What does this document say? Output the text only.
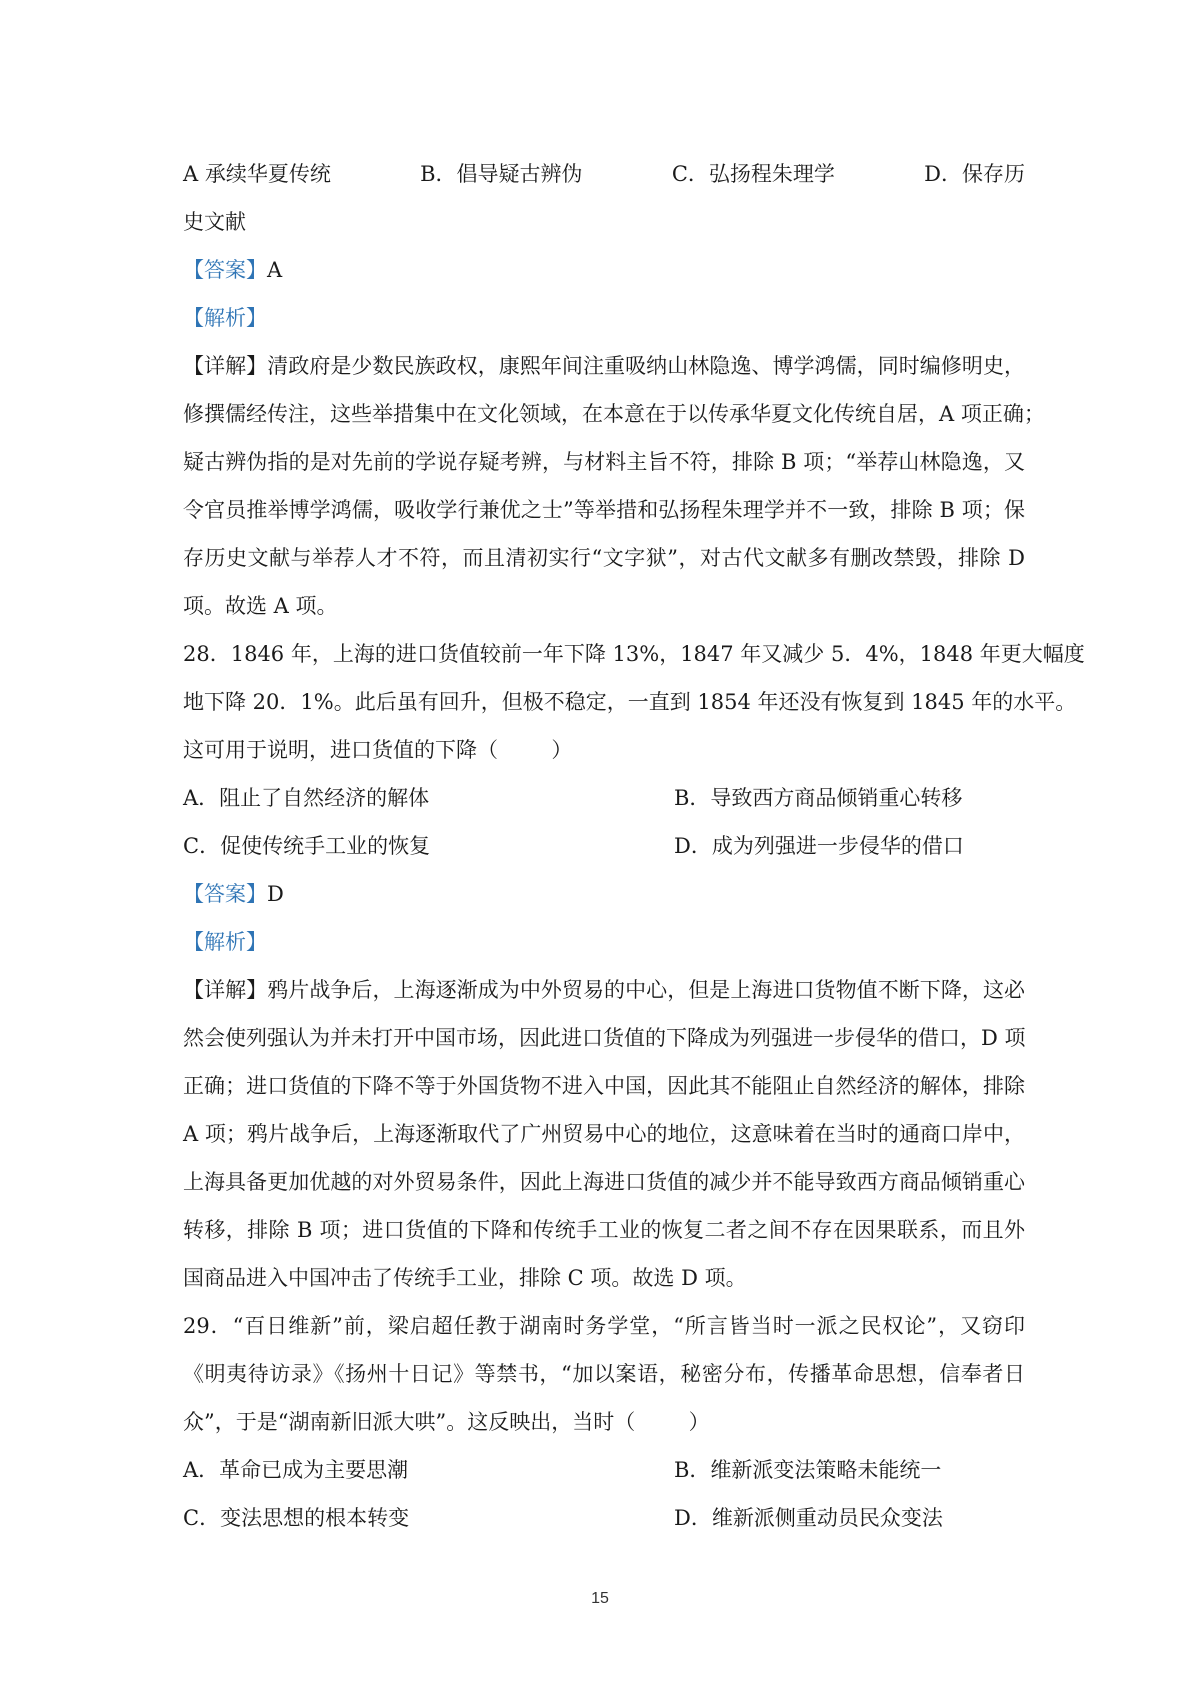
A 承续华夏传统	B．倡导疑古辨伪	C．弘扬程朱理学	D．保存历
史文献
【答案】A
【解析】
【详解】清政府是少数民族政权，康熙年间注重吸纳山林隐逸、博学鸿儒，同时编修明史，
修撰儒经传注，这些举措集中在文化领域，在本意在于以传承华夏文化传统自居，A 项正确；
疑古辨伪指的是对先前的学说存疑考辨，与材料主旨不符，排除 B 项；“举荐山林隐逸，又
令官员推举博学鸿儒，吸收学行兼优之士”等举措和弘扬程朱理学并不一致，排除 B 项；保
存历史文献与举荐人才不符，而且清初实行“文字狱”，对古代文献多有删改禁毁，排除 D
项。故选 A 项。
28．1846 年，上海的进口货值较前一年下降 13%，1847 年又减少 5．4%，1848 年更大幅度
地下降 20．1%。此后虽有回升，但极不稳定，一直到 1854 年还没有恢复到 1845 年的水平。
这可用于说明，进口货值的下降（        ）
A．阻止了自然经济的解体	B．导致西方商品倾销重心转移
C．促使传统手工业的恢复	D．成为列强进一步侵华的借口
【答案】D
【解析】
【详解】鸦片战争后，上海逐渐成为中外贸易的中心，但是上海进口货物值不断下降，这必
然会使列强认为并未打开中国市场，因此进口货值的下降成为列强进一步侵华的借口，D 项
正确；进口货值的下降不等于外国货物不进入中国，因此其不能阻止自然经济的解体，排除
A 项；鸦片战争后，上海逐渐取代了广州贸易中心的地位，这意味着在当时的通商口岸中，
上海具备更加优越的对外贸易条件，因此上海进口货值的减少并不能导致西方商品倾销重心
转移，排除 B 项；进口货值的下降和传统手工业的恢复二者之间不存在因果联系，而且外
国商品进入中国冲击了传统手工业，排除 C 项。故选 D 项。
29．“百日维新”前，梁启超任教于湖南时务学堂，“所言皆当时一派之民权论”，又窃印
《明夷待访录》《扬州十日记》等禁书，“加以案语，秘密分布，传播革命思想，信奉者日
众”，于是“湖南新旧派大哄”。这反映出，当时（        ）
A．革命已成为主要思潮	B．维新派变法策略未能统一
C．变法思想的根本转变	D．维新派侧重动员民众变法
15
